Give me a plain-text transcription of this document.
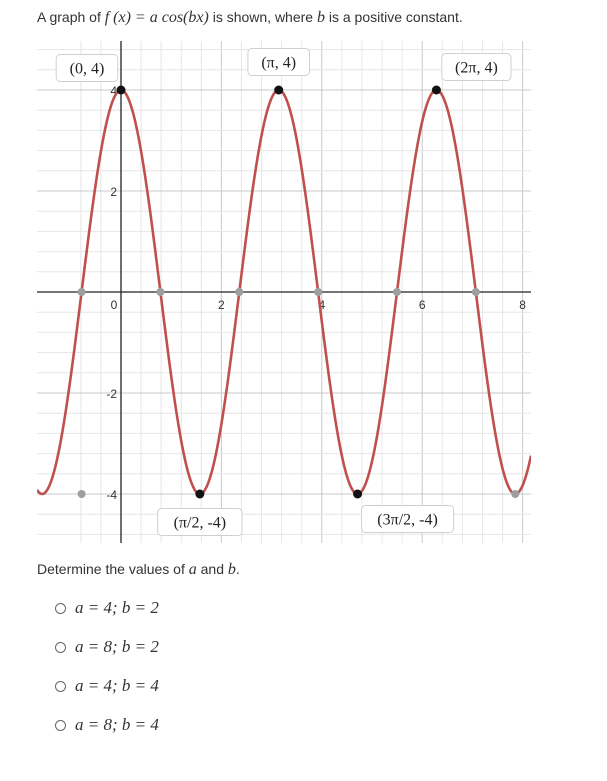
A graph of f (x) = a cos(bx) is shown, where b is a positive constant.
0	2	4	6	8
4
2
-2
-4
(0, 4)	(π, 4)	(2π, 4)
(π/2, -4)	(3π/2, -4)
Determine the values of a and b.
a = 4; b = 2
a = 8; b = 2
a = 4; b = 4
a = 8; b = 4
